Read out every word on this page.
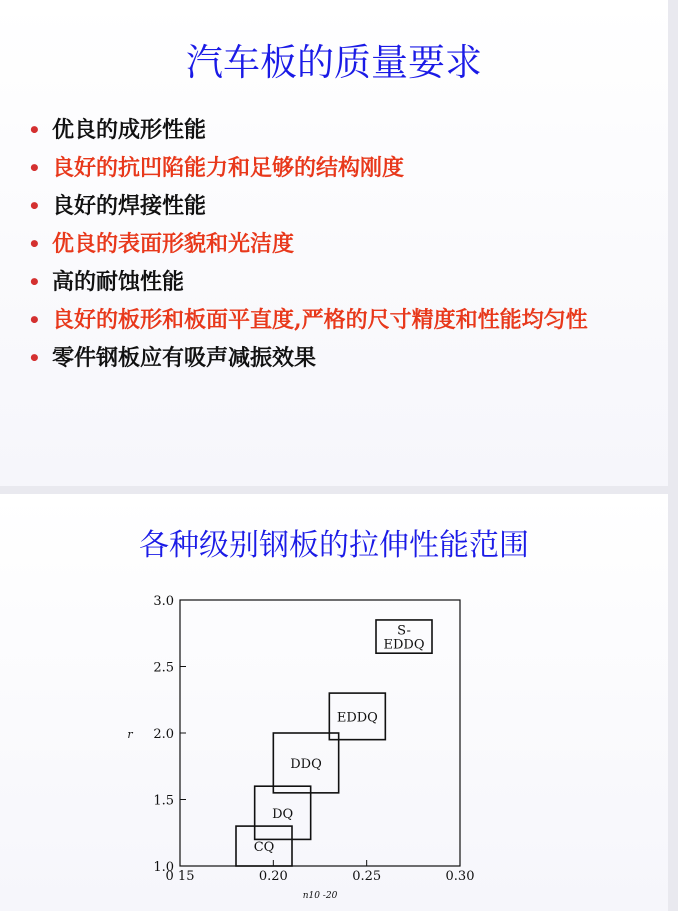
汽车板的质量要求
• 优良的成形性能
• 良好的抗凹陷能力和足够的结构刚度
• 良好的焊接性能
• 优良的表面形貌和光洁度
• 高的耐蚀性能
• 良好的板形和板面平直度,严格的尺寸精度和性能均匀性
• 零件钢板应有吸声减振效果
各种级别钢板的拉伸性能范围
1.0
1.5
2.0
2.5
3.0
0 15	0.20	0.25	0.30
n10 -20
r
CQ
DQ
DDQ
EDDQ
S-EDDQ
